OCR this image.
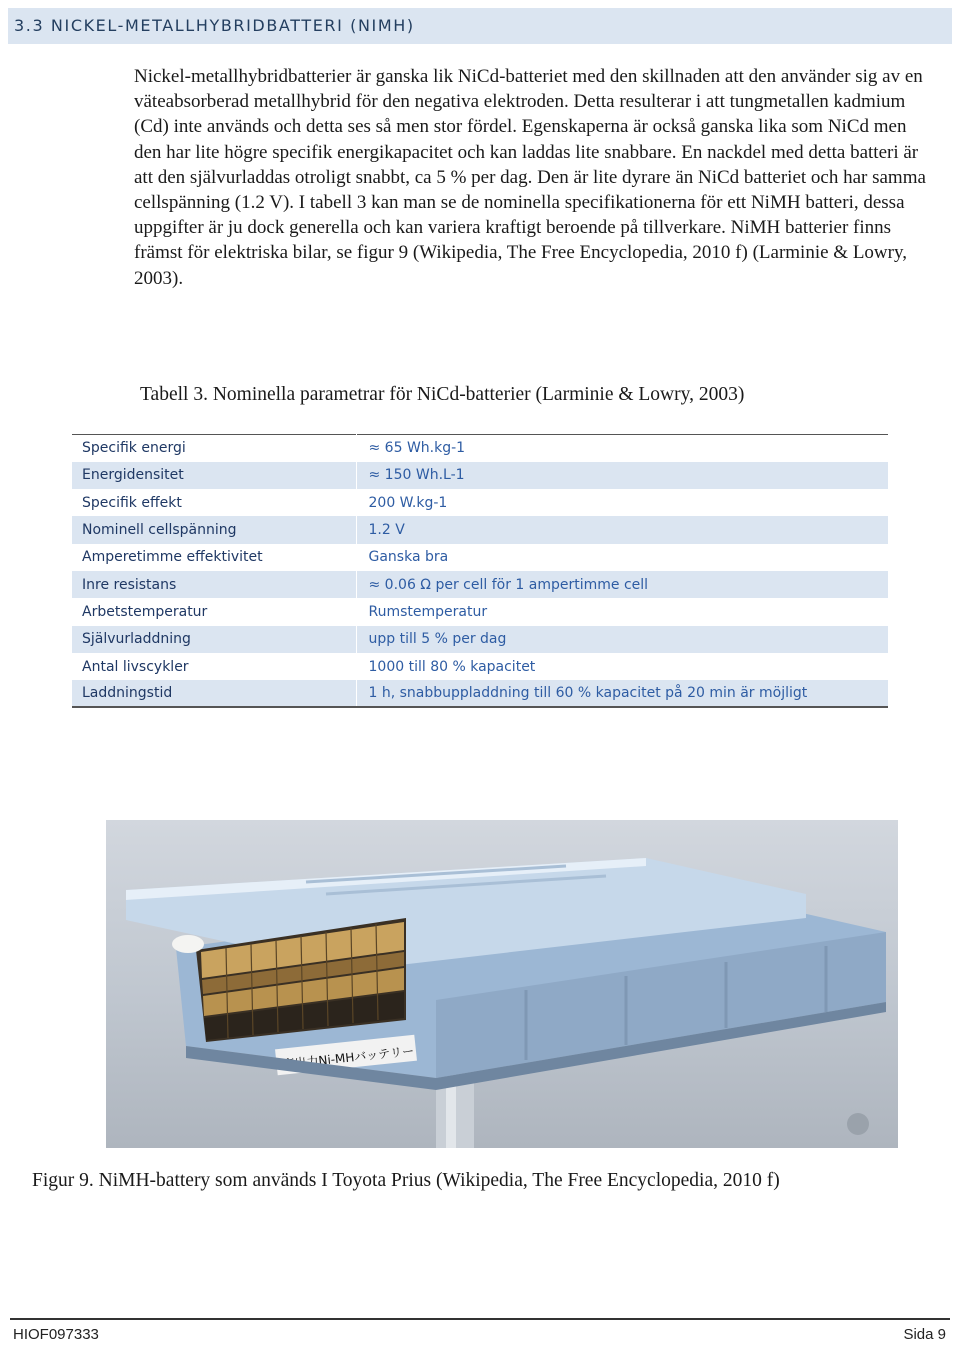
3.3 NICKEL-METALLHYBRIDBATTERI (NIMH)

Nickel-metallhybridbatterier är ganska lik NiCd-batteriet med den skillnaden att den använder sig av en väteabsorberad metallhybrid för den negativa elektroden. Detta resulterar i att tungmetallen kadmium (Cd) inte används och detta ses så men stor fördel. Egenskaperna är också ganska lika som NiCd men den har lite högre specifik energikapacitet och kan laddas lite snabbare. En nackdel med detta batteri är att den självurladdas otroligt snabbt, ca 5 % per dag. Den är lite dyrare än NiCd batteriet och har samma cellspänning (1.2 V). I tabell 3 kan man se de nominella specifikationerna för ett NiMH batteri, dessa uppgifter är ju dock generella och kan variera kraftigt beroende på tillverkare. NiMH batterier finns främst för elektriska bilar, se figur 9 (Wikipedia, The Free Encyclopedia, 2010 f) (Larminie & Lowry, 2003).

Tabell 3. Nominella parametrar för NiCd-batterier (Larminie & Lowry, 2003)

Specifik energi	≈ 65 Wh.kg-1
Energidensitet	≈ 150 Wh.L-1
Specifik effekt	200 W.kg-1
Nominell cellspänning	1.2 V
Amperetimme effektivitet	Ganska bra
Inre resistans	≈ 0.06 Ω per cell för 1 ampertimme cell
Arbetstemperatur	Rumstemperatur
Självurladdning	upp till 5 % per dag
Antal livscykler	1000 till 80 % kapacitet
Laddningstid	1 h, snabbuppladdning till 60 % kapacitet på 20 min är möjligt
高出力Ni-MHバッテリー

Figur 9. NiMH-battery som används I Toyota Prius (Wikipedia, The Free Encyclopedia, 2010 f)

HIOF097333	Sida 9
